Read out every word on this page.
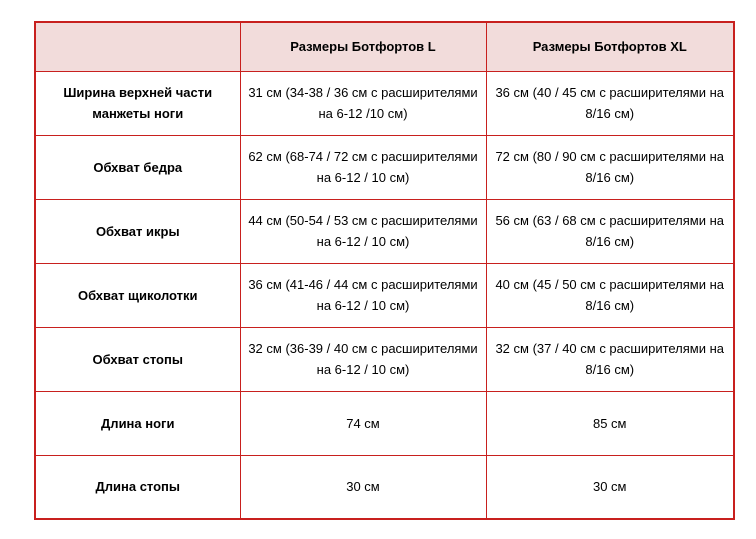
	Размеры Ботфортов L	Размеры Ботфортов XL
Ширина верхней части манжеты ноги	31 см (34-38 / 36 см с расширителями на 6-12 /10 см)	36 см (40 / 45 см с расширителями на 8/16 см)
Обхват бедра	62 см (68-74 / 72 см с расширителями на 6-12 / 10 см)	72 см (80 / 90 см с расширителями на 8/16 см)
Обхват икры	44 см (50-54 / 53 см с расширителями на 6-12 / 10 см)	56 см (63 / 68 см с расширителями на 8/16 см)
Обхват щиколотки	36 см (41-46 / 44 см с расширителями на 6-12 / 10 см)	40 см (45 / 50 см с расширителями на 8/16 см)
Обхват стопы	32 см (36-39 / 40 см с расширителями на 6-12 / 10 см)	32 см (37 / 40 см с расширителями на 8/16 см)
Длина ноги	74 см	85 см
Длина стопы	30 см	30 см
